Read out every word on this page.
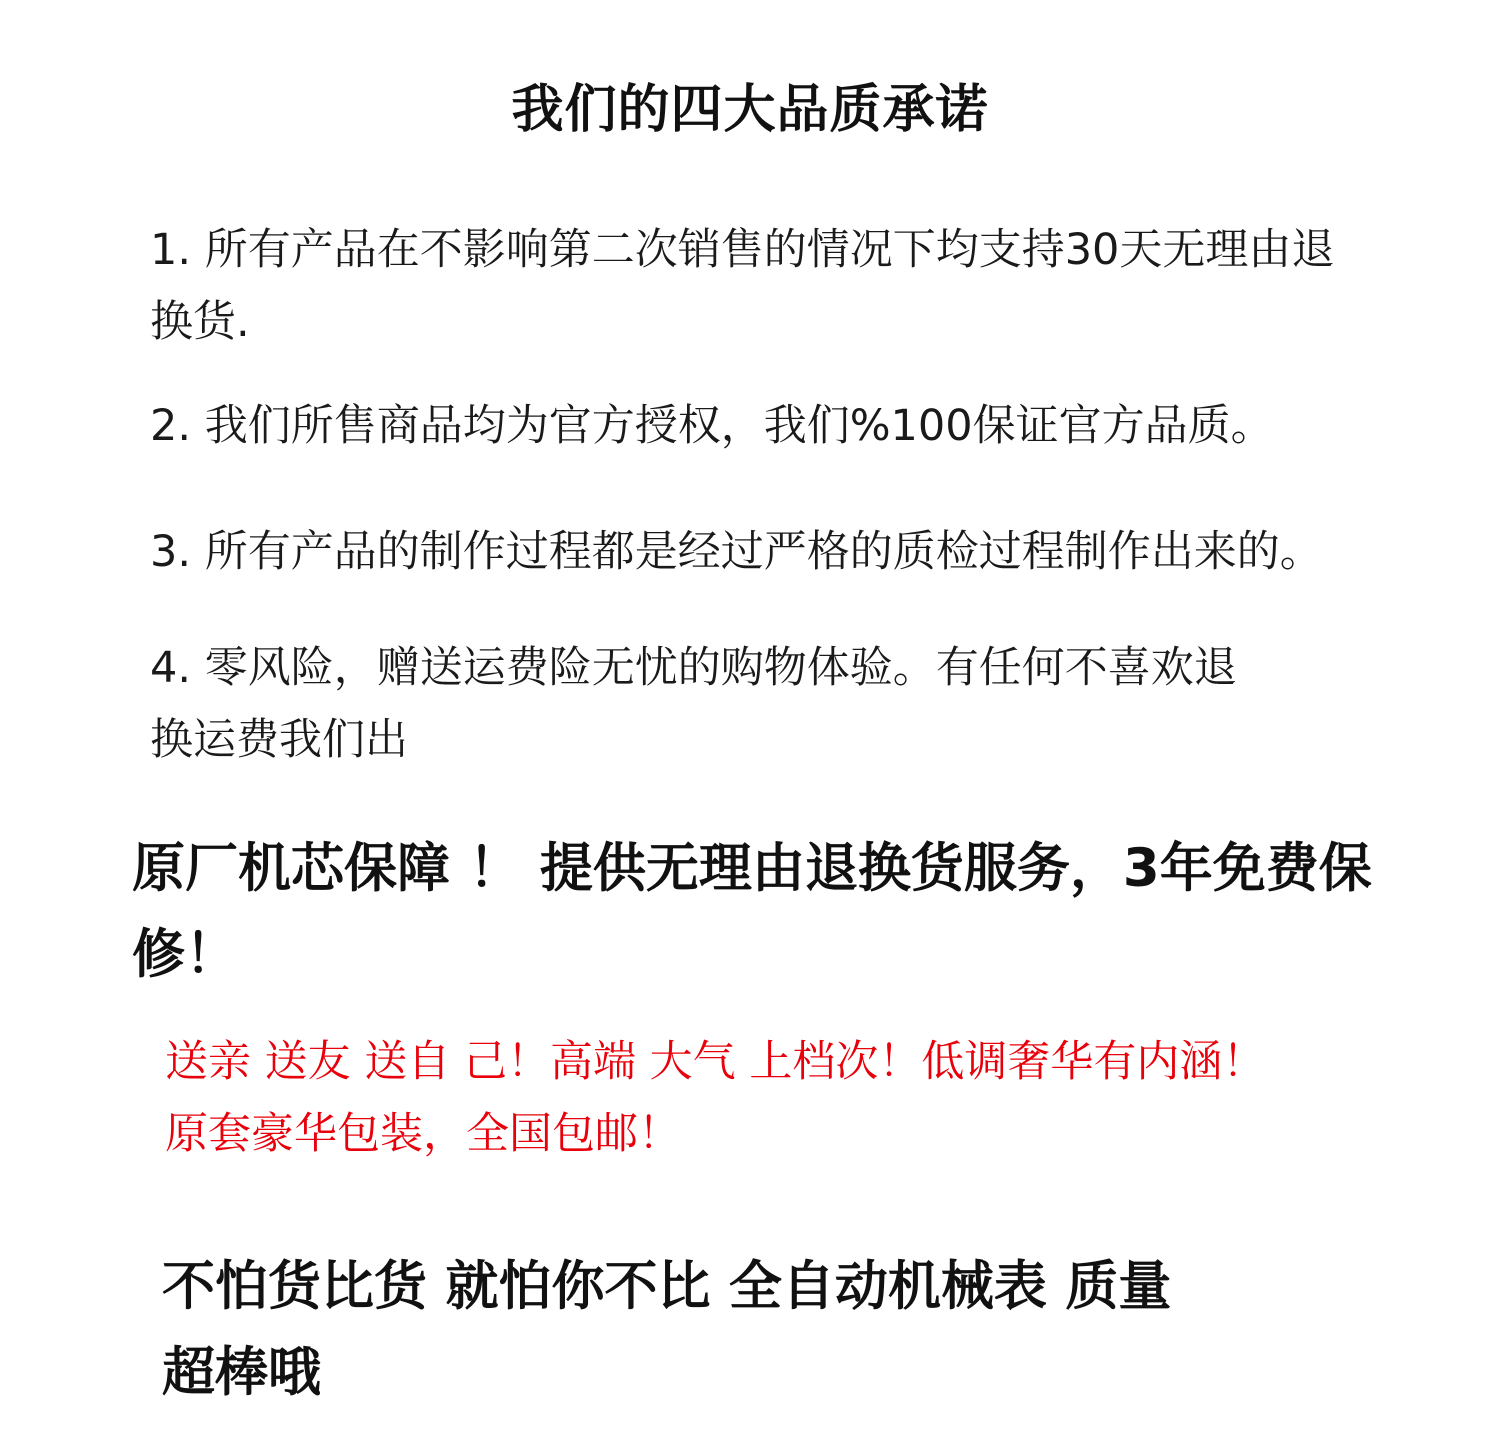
我们的四大品质承诺
1. 所有产品在不影响第二次销售的情况下均支持30天无理由退
换货.
2. 我们所售商品均为官方授权，我们%100保证官方品质。
3. 所有产品的制作过程都是经过严格的质检过程制作出来的。
4. 零风险，赠送运费险无忧的购物体验。有任何不喜欢退
换运费我们出
原厂机芯保障 ！ 提供无理由退换货服务，3年免费保
修！
送亲 送友 送自 己！高端 大气 上档次！低调奢华有内涵！
原套豪华包装，全国包邮！
不怕货比货 就怕你不比 全自动机械表 质量
超棒哦
